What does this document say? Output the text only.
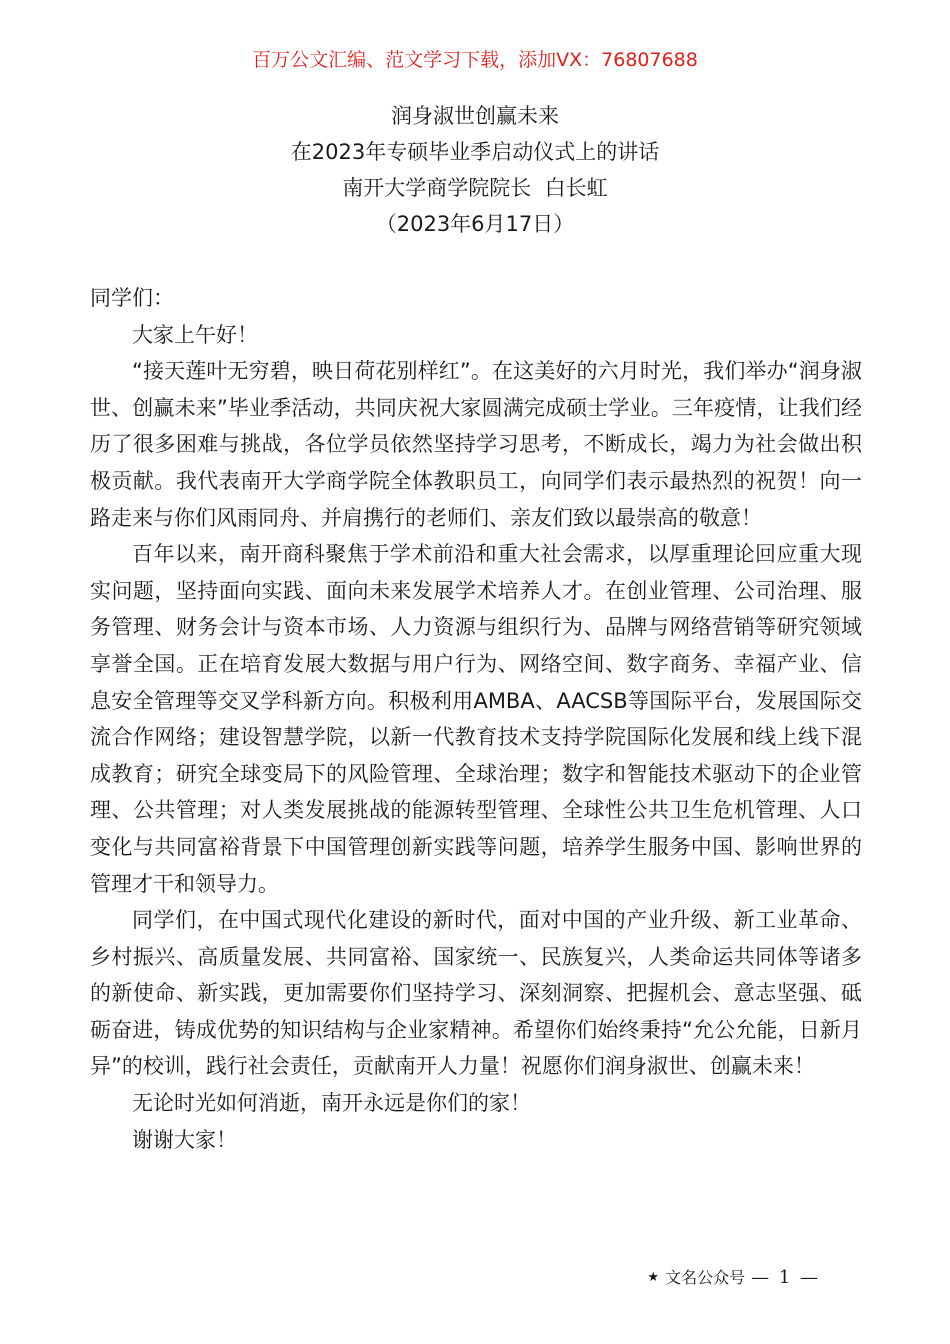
百万公文汇编、范文学习下载，添加VX：76807688
润身淑世创赢未来
在2023年专硕毕业季启动仪式上的讲话
南开大学商学院院长  白长虹
（2023年6月17日）

同学们：

大家上午好！

“接天莲叶无穷碧，映日荷花别样红”。在这美好的六月时光，我们举办“润身淑世、创赢未来”毕业季活动，共同庆祝大家圆满完成硕士学业。三年疫情，让我们经历了很多困难与挑战，各位学员依然坚持学习思考，不断成长，竭力为社会做出积极贡献。我代表南开大学商学院全体教职员工，向同学们表示最热烈的祝贺！向一路走来与你们风雨同舟、并肩携行的老师们、亲友们致以最崇高的敬意！

百年以来，南开商科聚焦于学术前沿和重大社会需求，以厚重理论回应重大现实问题，坚持面向实践、面向未来发展学术培养人才。在创业管理、公司治理、服务管理、财务会计与资本市场、人力资源与组织行为、品牌与网络营销等研究领域享誉全国。正在培育发展大数据与用户行为、网络空间、数字商务、幸福产业、信息安全管理等交叉学科新方向。积极利用AMBA、AACSB等国际平台，发展国际交流合作网络；建设智慧学院，以新一代教育技术支持学院国际化发展和线上线下混成教育；研究全球变局下的风险管理、全球治理；数字和智能技术驱动下的企业管理、公共管理；对人类发展挑战的能源转型管理、全球性公共卫生危机管理、人口变化与共同富裕背景下中国管理创新实践等问题，培养学生服务中国、影响世界的管理才干和领导力。

同学们，在中国式现代化建设的新时代，面对中国的产业升级、新工业革命、乡村振兴、高质量发展、共同富裕、国家统一、民族复兴，人类命运共同体等诸多的新使命、新实践，更加需要你们坚持学习、深刻洞察、把握机会、意志坚强、砥砺奋进，铸成优势的知识结构与企业家精神。希望你们始终秉持“允公允能，日新月异”的校训，践行社会责任，贡献南开人力量！祝愿你们润身淑世、创赢未来！

无论时光如何消逝，南开永远是你们的家！

谢谢大家！

★ 文名公众号 — 1 —
